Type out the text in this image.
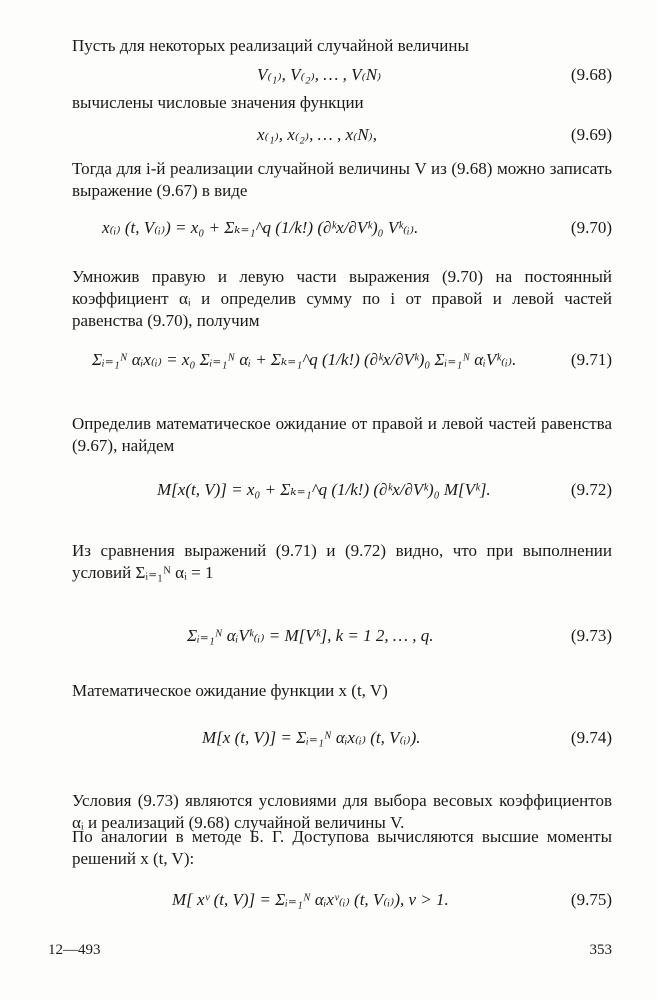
Пусть для некоторых реализаций случайной величины

V₍₁₎, V₍₂₎, … , V₍N₎	(9.68)

вычислены числовые значения функции

x₍₁₎, x₍₂₎, … , x₍N₎,	(9.69)

Тогда для i-й реализации случайной величины V из (9.68) можно записать выражение (9.67) в виде

x₍ᵢ₎ (t, V₍ᵢ₎) = x₀ + Σₖ₌₁^q (1/k!) (∂ᵏx/∂Vᵏ)₀ Vᵏ₍ᵢ₎.	(9.70)

Умножив правую и левую части выражения (9.70) на постоянный коэффициент αᵢ и определив сумму по i от правой и левой частей равенства (9.70), получим

Σᵢ₌₁ᴺ αᵢx₍ᵢ₎ = x₀ Σᵢ₌₁ᴺ αᵢ + Σₖ₌₁^q (1/k!) (∂ᵏx/∂Vᵏ)₀ Σᵢ₌₁ᴺ αᵢVᵏ₍ᵢ₎.	(9.71)

Определив математическое ожидание от правой и левой частей равенства (9.67), найдем

M[x(t, V)] = x₀ + Σₖ₌₁^q (1/k!) (∂ᵏx/∂Vᵏ)₀ M[Vᵏ].	(9.72)

Из сравнения выражений (9.71) и (9.72) видно, что при выполнении условий Σᵢ₌₁ᴺ αᵢ = 1

Σᵢ₌₁ᴺ αᵢVᵏ₍ᵢ₎ = M[Vᵏ], k = 1 2, … , q.	(9.73)

Математическое ожидание функции x (t, V)

M[x (t, V)] = Σᵢ₌₁ᴺ αᵢx₍ᵢ₎ (t, V₍ᵢ₎).	(9.74)

Условия (9.73) являются условиями для выбора весовых коэффициентов αᵢ и реализаций (9.68) случайной величины V.

По аналогии в методе Б. Г. Доступова вычисляются высшие моменты решений x (t, V):

M[ xᵛ (t, V)] = Σᵢ₌₁ᴺ αᵢxᵛ₍ᵢ₎ (t, V₍ᵢ₎), ν > 1.	(9.75)
12—493	353
